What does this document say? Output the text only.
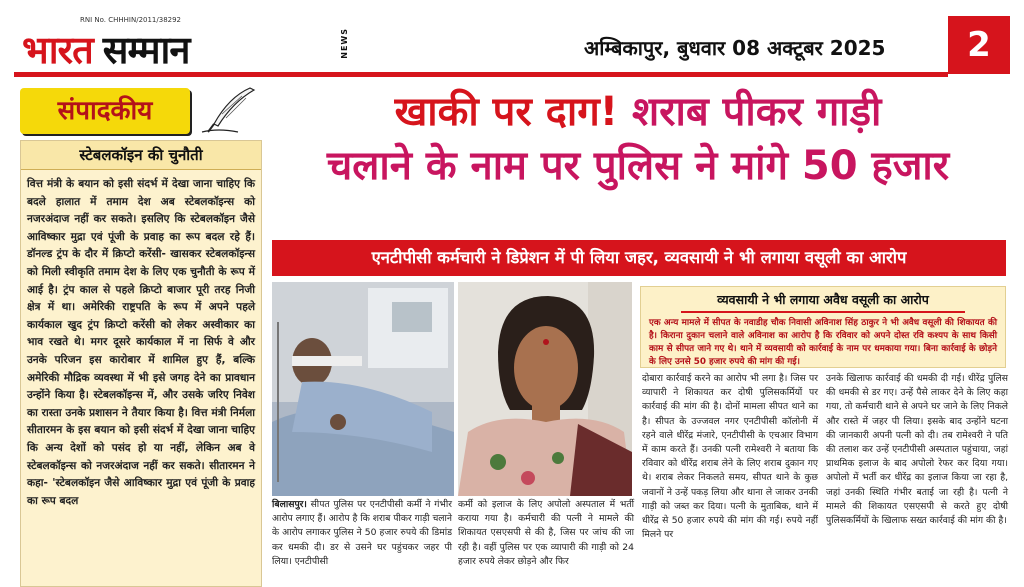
भारत सम्मान
RNI No. CHHHIN/2011/38292
NEWS	अम्बिकापुर, बुधवार 08 अक्टूबर 2025	2
संपादकीय
स्टेबलकॉइन की चुनौती
वित्त मंत्री के बयान को इसी संदर्भ में देखा जाना चाहिए कि बदले हालात में तमाम देश अब स्टेबलकॉइन्स को नजरअंदाज नहीं कर सकते। इसलिए कि स्टेबलकॉइन जैसे आविष्कार मुद्रा एवं पूंजी के प्रवाह का रूप बदल रहे हैं। डॉनल्ड ट्रंप के दौर में क्रिप्टो करेंसी- खासकर स्टेबलकॉइन्स को मिली स्वीकृति तमाम देश के लिए एक चुनौती के रूप में आई है। ट्रंप काल से पहले क्रिप्टो बाजार पूरी तरह निजी क्षेत्र में था। अमेरिकी राष्ट्रपति के रूप में अपने पहले कार्यकाल खुद ट्रंप क्रिप्टो करेंसी को लेकर अस्वीकार का भाव रखते थे। मगर दूसरे कार्यकाल में ना सिर्फ वे और उनके परिजन इस कारोबार में शामिल हुए हैं, बल्कि अमेरिकी मौद्रिक व्यवस्था में भी इसे जगह देने का प्रावधान उन्होंने किया है। स्टेबलकॉइन्स में, और उसके जरिए निवेश का रास्ता उनके प्रशासन ने तैयार किया है। वित्त मंत्री निर्मला सीतारमन के इस बयान को इसी संदर्भ में देखा जाना चाहिए कि अन्य देशों को पसंद हो या नहीं, लेकिन अब वे स्टेबलकॉइन्स को नजरअंदाज नहीं कर सकते। सीतारमन ने कहा- 'स्टेबलकॉइन जैसे आविष्कार मुद्रा एवं पूंजी के प्रवाह का रूप बदल
खाकी पर दाग! शराब पीकर गाड़ी
चलाने के नाम पर पुलिस ने मांगे 50 हजार
एनटीपीसी कर्मचारी ने डिप्रेशन में पी लिया जहर, व्यवसायी ने भी लगाया वसूली का आरोप
व्यवसायी ने भी लगाया अवैध वसूली का आरोप
एक अन्य मामले में सीपत के नवाडीह चौक निवासी अविनाश सिंह ठाकुर ने भी अवैध वसूली की शिकायत की है। किराना दुकान चलाने वाले अविनाश का आरोप है कि रविवार को अपने दोस्त रवि कश्यप के साथ किसी काम से सीपत जाने गए थे। थाने में व्यवसायी को कार्रवाई के नाम पर धमकाया गया। बिना कार्रवाई के छोड़ने के लिए उनसे 50 हजार रुपये की मांग की गई।
बिलासपुर। सीपत पुलिस पर एनटीपीसी कर्मी ने गंभीर आरोप लगाए हैं। आरोप है कि शराब पीकर गाड़ी चलाने के आरोप लगाकर पुलिस ने 50 हजार रुपये की डिमांड कर धमकी दी। डर से उसने घर पहुंचकर जहर पी लिया। एनटीपीसी
कर्मी को इलाज के लिए अपोलो अस्पताल में भर्ती कराया गया है। कर्मचारी की पत्नी ने मामले की शिकायत एसएसपी से की है, जिस पर जांच की जा रही है। वहीं पुलिस पर एक व्यापारी की गाड़ी को 24 हजार रुपये लेकर छोड़ने और फिर
दोबारा कार्रवाई करने का आरोप भी लगा है। जिस पर व्यापारी ने शिकायत कर दोषी पुलिसकर्मियों पर कार्रवाई की मांग की है। दोनों मामला सीपत थाने का है। सीपत के उज्जवल नगर एनटीपीसी कॉलोनी में रहने वाले धीरेंद्र मंजारे, एनटीपीसी के एचआर विभाग में काम करते हैं। उनकी पत्नी रामेश्वरी ने बताया कि रविवार को धीरेंद्र शराब लेने के लिए शराब दुकान गए थे। शराब लेकर निकलते समय, सीपत थाने के कुछ जवानों ने उन्हें पकड़ लिया और थाना ले जाकर उनकी गाड़ी को जब्त कर दिया। पत्नी के मुताबिक, थाने में धीरेंद्र से 50 हजार रुपये की मांग की गई। रुपये नहीं मिलने पर
उनके खिलाफ कार्रवाई की धमकी दी गई। धीरेंद्र पुलिस की धमकी से डर गए। उन्हें पैसे लाकर देने के लिए कहा गया, तो कर्मचारी थाने से अपने घर जाने के लिए निकले और रास्ते में जहर पी लिया। इसके बाद उन्होंने घटना की जानकारी अपनी पत्नी को दी। तब रामेश्वरी ने पति की तलाश कर उन्हें एनटीपीसी अस्पताल पहुंचाया, जहां प्राथमिक इलाज के बाद अपोलो रेफर कर दिया गया। अपोलो में भर्ती कर धीरेंद्र का इलाज किया जा रहा है, जहां उनकी स्थिति गंभीर बताई जा रही है। पत्नी ने मामले की शिकायत एसएसपी से करते हुए दोषी पुलिसकर्मियों के खिलाफ सख्त कार्रवाई की मांग की है।
